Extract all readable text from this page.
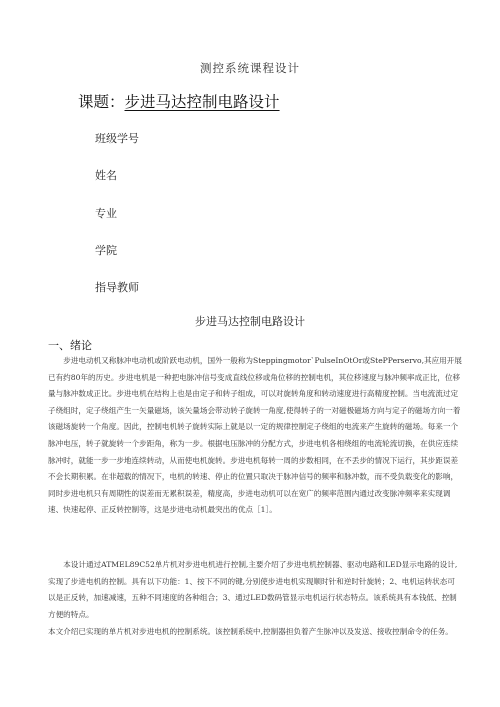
测控系统课程设计
课题：步进马达控制电路设计
班级学号
姓名
专业
学院
指导教师
步进马达控制电路设计
一、绪论

步进电动机又称脉冲电动机或阶跃电动机，国外一般称为Steppingmotor`PulseInOtOr或StePPerservo,其应用开展已有约80年的历史。步进电机是一种把电脉冲信号变成直线位移或角位移的控制电机，其位移速度与脉冲频率成正比，位移量与脉冲数成正比。步进电机在结构上也是由定子和转子组成，可以对旋转角度和转动速度进行高精度控制。当电流流过定子绕组时，定子绕组产生一矢量磁场，该矢量场会带动转子旋转一角度,使得转子的一对磁极磁场方向与定子的磁场方向一着该磁场旋转一个角度。因此，控制电机转子旋转实际上就是以一定的规律控制定子绕组的电流来产生旋转的磁场。每来一个脉冲电压，转子就旋转一个步距角，称为一步。根据电压脉冲的分配方式，步进电机各相绕组的电流轮流切换，在供应连续脉冲时，就能一步一步地连续转动，从而使电机旋转。步进电机每转一周的步数相同，在不丢步的情况下运行，其步距误差不会长期积累。在非超载的情况下，电机的转速、停止的位置只取决于脉冲信号的频率和脉冲数，而不受负载变化的影响，同时步进电机只有周期性的误差而无累积误差，精度高，步进电动机可以在宽广的频率范围内通过改变脉冲频率来实现调速、快速起停、正反转控制等，这是步进电动机最突出的优点［1］。

本设计通过ATMEL89C52单片机对步进电机进行控制,主要介绍了步进电机控制器、驱动电路和LED显示电路的设计,实现了步进电机的控制。具有以下功能：1、按下不同的键,分别使步进电机实现顺时针和逆时针旋转；2、电机运转状态可以是正反转，加速减速，五种不同速度的各种组合；3、通过LED数码管显示电机运行状态特点。该系统具有本钱低、控制方便的特点。

本文介绍已实现的单片机对步进电机的控制系统。该控制系统中,控制器担负着产生脉冲以及发送、接收控制命令的任务。
